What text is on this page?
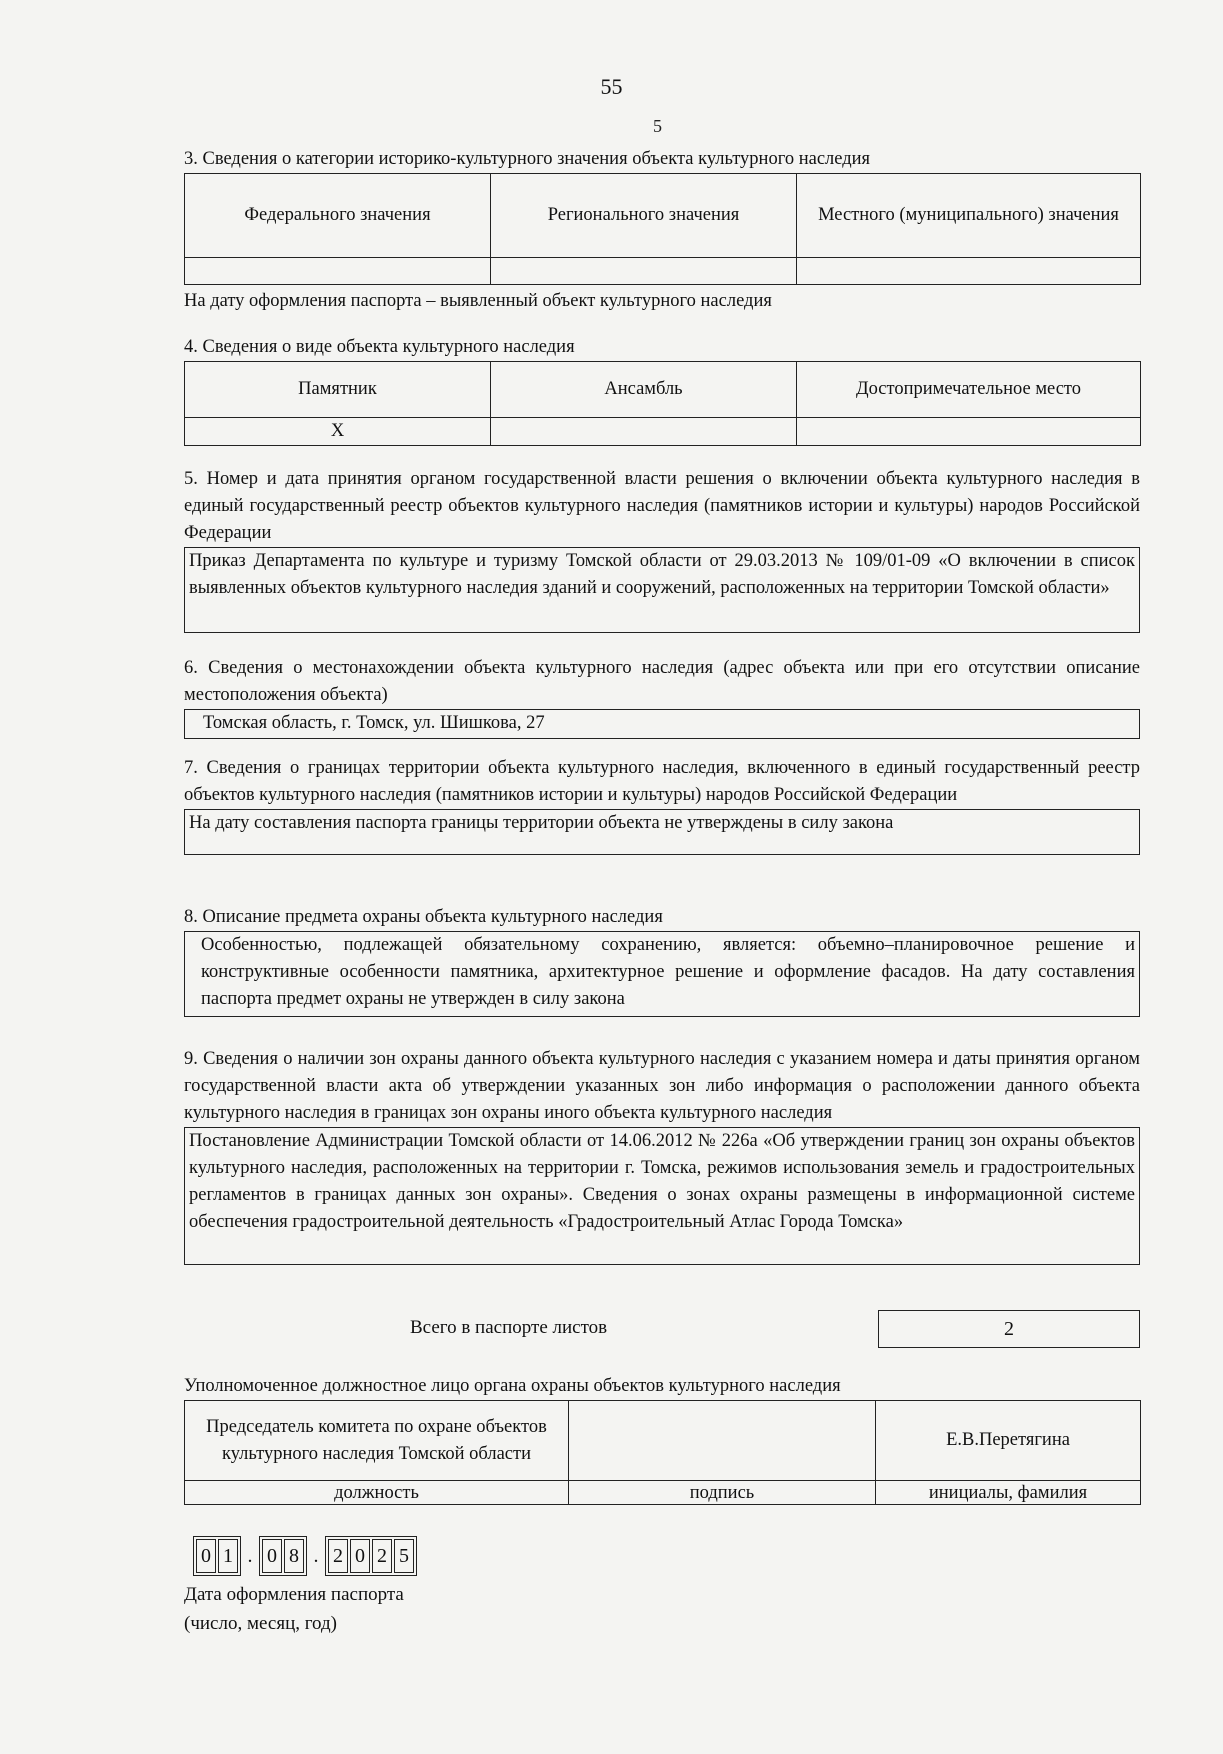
55
5
3. Сведения о категории историко-культурного значения объекта культурного наследия
Федерального значения	Регионального значения	Местного (муниципального) значения

На дату оформления паспорта – выявленный объект культурного наследия
4. Сведения о виде объекта культурного наследия
Памятник	Ансамбль	Достопримечательное место
Х		
5. Номер и дата принятия органом государственной власти решения о включении объекта культурного наследия в единый государственный реестр объектов культурного наследия (памятников истории и культуры) народов Российской Федерации
Приказ Департамента по культуре и туризму Томской области от 29.03.2013 № 109/01-09 «О включении в список выявленных объектов культурного наследия зданий и сооружений, расположенных на территории Томской области»
6. Сведения о местонахождении объекта культурного наследия (адрес объекта или при его отсутствии описание местоположения объекта)
Томская область, г. Томск, ул. Шишкова, 27
7. Сведения о границах территории объекта культурного наследия, включенного в единый государственный реестр объектов культурного наследия (памятников истории и культуры) народов Российской Федерации
На дату составления паспорта границы территории объекта не утверждены в силу закона
8. Описание предмета охраны объекта культурного наследия
Особенностью, подлежащей обязательному сохранению, является: объемно–планировочное решение и конструктивные особенности памятника, архитектурное решение и оформление фасадов. На дату составления паспорта предмет охраны не утвержден в силу закона
9. Сведения о наличии зон охраны данного объекта культурного наследия с указанием номера и даты принятия органом государственной власти акта об утверждении указанных зон либо информация о расположении данного объекта культурного наследия в границах зон охраны иного объекта культурного наследия
Постановление Администрации Томской области от 14.06.2012 № 226а «Об утверждении границ зон охраны объектов культурного наследия, расположенных на территории г. Томска, режимов использования земель и градостроительных регламентов в границах данных зон охраны». Сведения о зонах охраны размещены в информационной системе обеспечения градостроительной деятельность «Градостроительный Атлас Города Томска»
Всего в паспорте листов	2
Уполномоченное должностное лицо органа охраны объектов культурного наследия
Председатель комитета по охране объектов культурного наследия Томской области		Е.В.Перетягина
должность	подпись	инициалы, фамилия
0 1 . 0 8 . 2 0 2 5
Дата оформления паспорта
(число, месяц, год)
